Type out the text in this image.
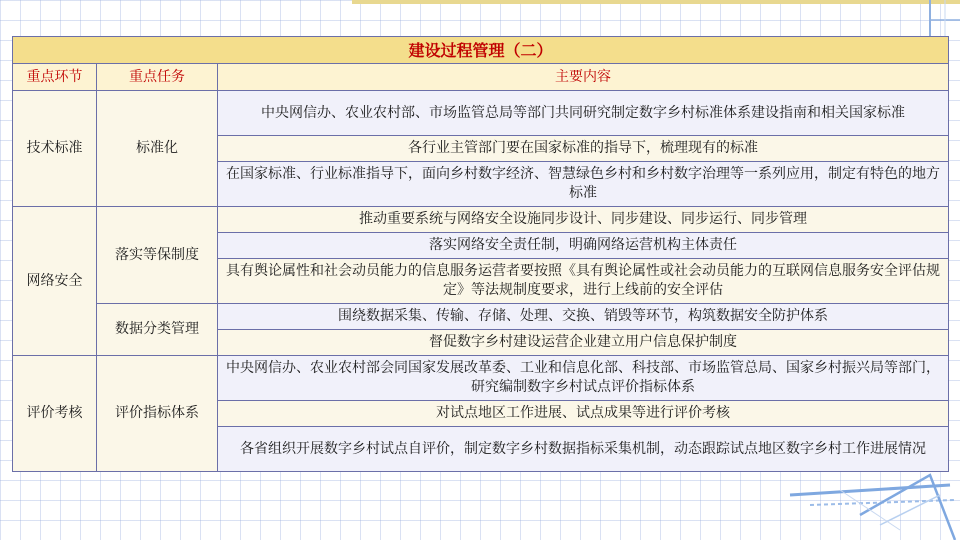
建设过程管理（二）		
重点环节	重点任务	主要内容
技术标准	标准化	中央网信办、农业农村部、市场监管总局等部门共同研究制定数字乡村标准体系建设指南和相关国家标准
		各行业主管部门要在国家标准的指导下，梳理现有的标准
		在国家标准、行业标准指导下，面向乡村数字经济、智慧绿色乡村和乡村数字治理等一系列应用，制定有特色的地方标准
网络安全	落实等保制度	推动重要系统与网络安全设施同步设计、同步建设、同步运行、同步管理
		落实网络安全责任制，明确网络运营机构主体责任
		具有舆论属性和社会动员能力的信息服务运营者要按照《具有舆论属性或社会动员能力的互联网信息服务安全评估规定》等法规制度要求，进行上线前的安全评估
	数据分类管理	围绕数据采集、传输、存储、处理、交换、销毁等环节，构筑数据安全防护体系
		督促数字乡村建设运营企业建立用户信息保护制度
评价考核	评价指标体系	中央网信办、农业农村部会同国家发展改革委、工业和信息化部、科技部、市场监管总局、国家乡村振兴局等部门，研究编制数字乡村试点评价指标体系
		对试点地区工作进展、试点成果等进行评价考核
		各省组织开展数字乡村试点自评价，制定数字乡村数据指标采集机制，动态跟踪试点地区数字乡村工作进展情况
